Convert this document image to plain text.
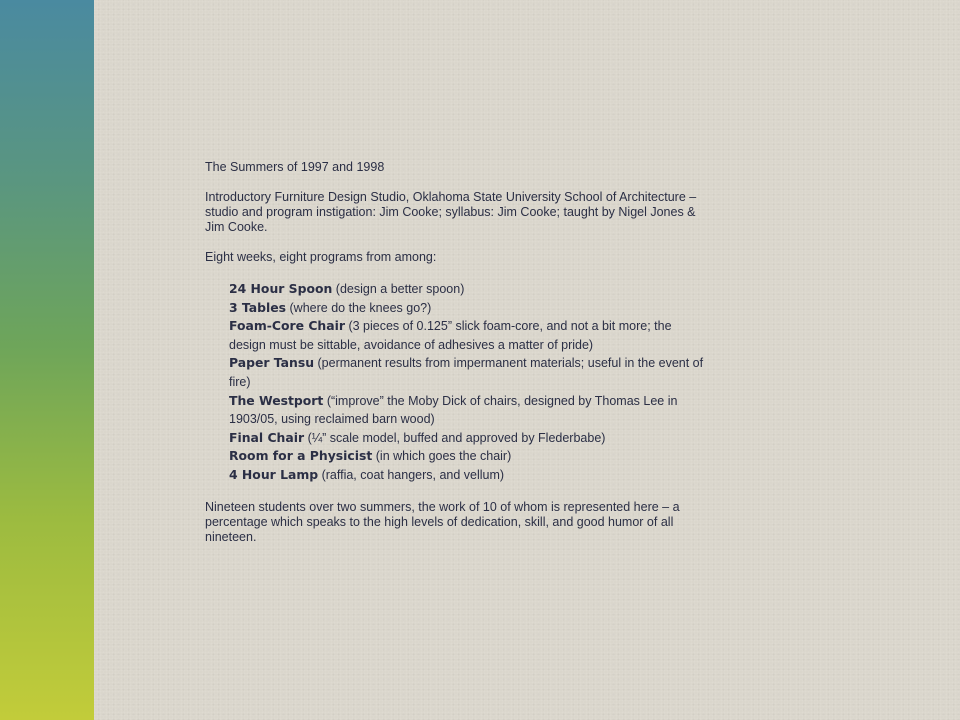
The Summers of 1997 and 1998

Introductory Furniture Design Studio, Oklahoma State University School of Architecture – studio and program instigation: Jim Cooke; syllabus: Jim Cooke; taught by Nigel Jones & Jim Cooke.

Eight weeks, eight programs from among:

24 Hour Spoon (design a better spoon)
3 Tables (where do the knees go?)
Foam-Core Chair (3 pieces of 0.125” slick foam-core, and not a bit more; the design must be sittable, avoidance of adhesives a matter of pride)
Paper Tansu (permanent results from impermanent materials; useful in the event of fire)
The Westport (“improve” the Moby Dick of chairs, designed by Thomas Lee in 1903/05, using reclaimed barn wood)
Final Chair (¼” scale model, buffed and approved by Flederbabe)
Room for a Physicist (in which goes the chair)
4 Hour Lamp (raffia, coat hangers, and vellum)

Nineteen students over two summers, the work of 10 of whom is represented here – a percentage which speaks to the high levels of dedication, skill, and good humor of all nineteen.
